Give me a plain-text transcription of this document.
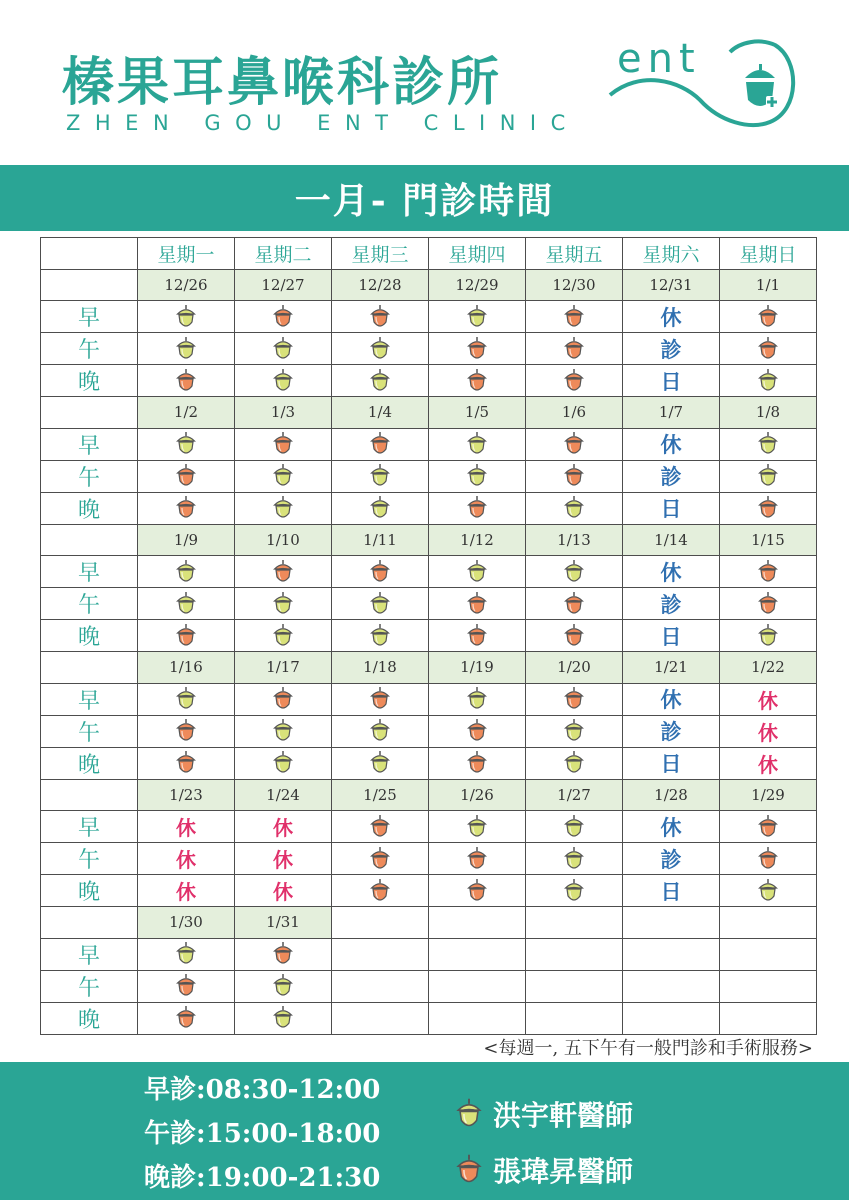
榛果耳鼻喉科診所
ZHEN GOU ENT CLINIC
ent
一月- 門診時間
	星期一	星期二	星期三	星期四	星期五	星期六	星期日
	12/26	12/27	12/28	12/29	12/30	12/31	1/1
早						休	
午						診	
晚						日	
	1/2	1/3	1/4	1/5	1/6	1/7	1/8
早						休	
午						診	
晚						日	
	1/9	1/10	1/11	1/12	1/13	1/14	1/15
早						休	
午						診	
晚						日	
	1/16	1/17	1/18	1/19	1/20	1/21	1/22
早						休	休
午						診	休
晚						日	休
	1/23	1/24	1/25	1/26	1/27	1/28	1/29
早	休	休				休	
午	休	休				診	
晚	休	休				日	
	1/30	1/31					
早							
午							
晚							
<每週一, 五下午有一般門診和手術服務>
早診:08:30-12:00
午診:15:00-18:00
晚診:19:00-21:30
洪宇軒醫師
張瑋昇醫師
